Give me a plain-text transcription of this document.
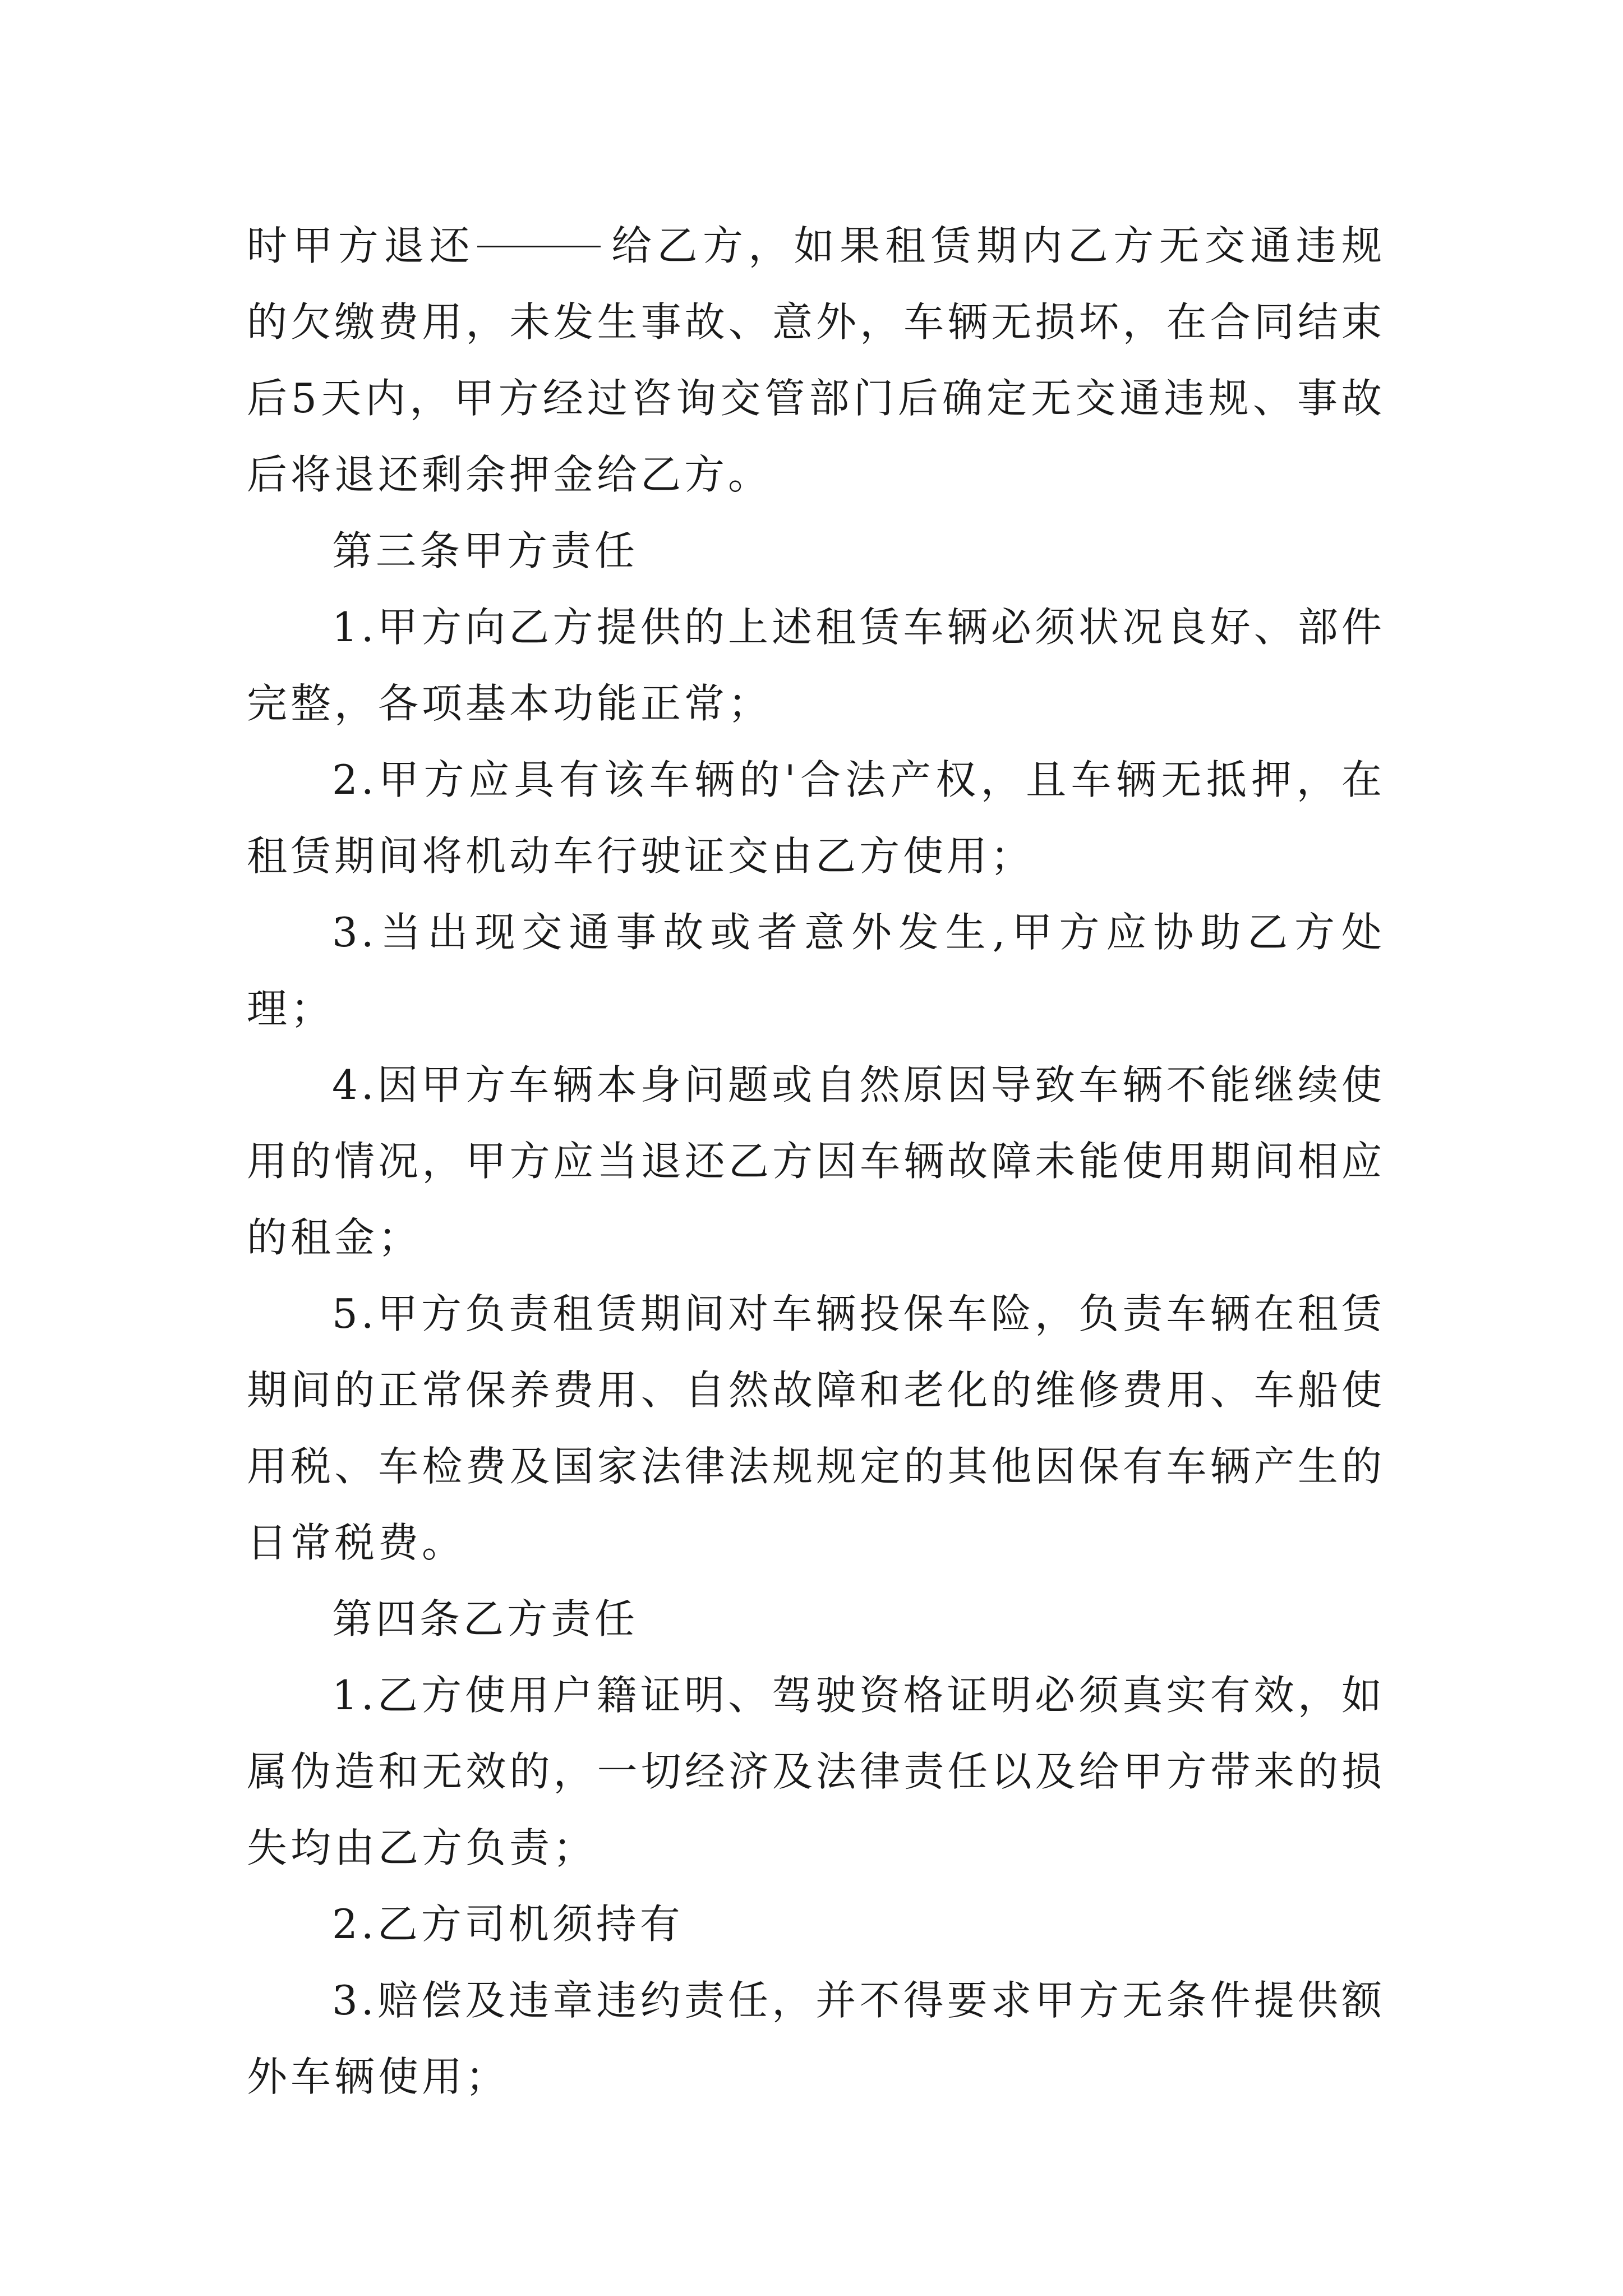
时甲方退还	给乙方，如果租赁期内乙方无交通违规的欠缴费用，未发生事故、意外，车辆无损坏，在合同结束后5天内，甲方经过咨询交管部门后确定无交通违规、事故后将退还剩余押金给乙方。

第三条甲方责任

1.甲方向乙方提供的上述租赁车辆必须状况良好、部件完整，各项基本功能正常；

2.甲方应具有该车辆的'合法产权，且车辆无抵押，在租赁期间将机动车行驶证交由乙方使用；

3.当出现交通事故或者意外发生,甲方应协助乙方处理；

4.因甲方车辆本身问题或自然原因导致车辆不能继续使用的情况，甲方应当退还乙方因车辆故障未能使用期间相应的租金；

5.甲方负责租赁期间对车辆投保车险，负责车辆在租赁期间的正常保养费用、自然故障和老化的维修费用、车船使用税、车检费及国家法律法规规定的其他因保有车辆产生的日常税费。

第四条乙方责任

1.乙方使用户籍证明、驾驶资格证明必须真实有效，如属伪造和无效的，一切经济及法律责任以及给甲方带来的损失均由乙方负责；

2.乙方司机须持有

3.赔偿及违章违约责任，并不得要求甲方无条件提供额外车辆使用；
